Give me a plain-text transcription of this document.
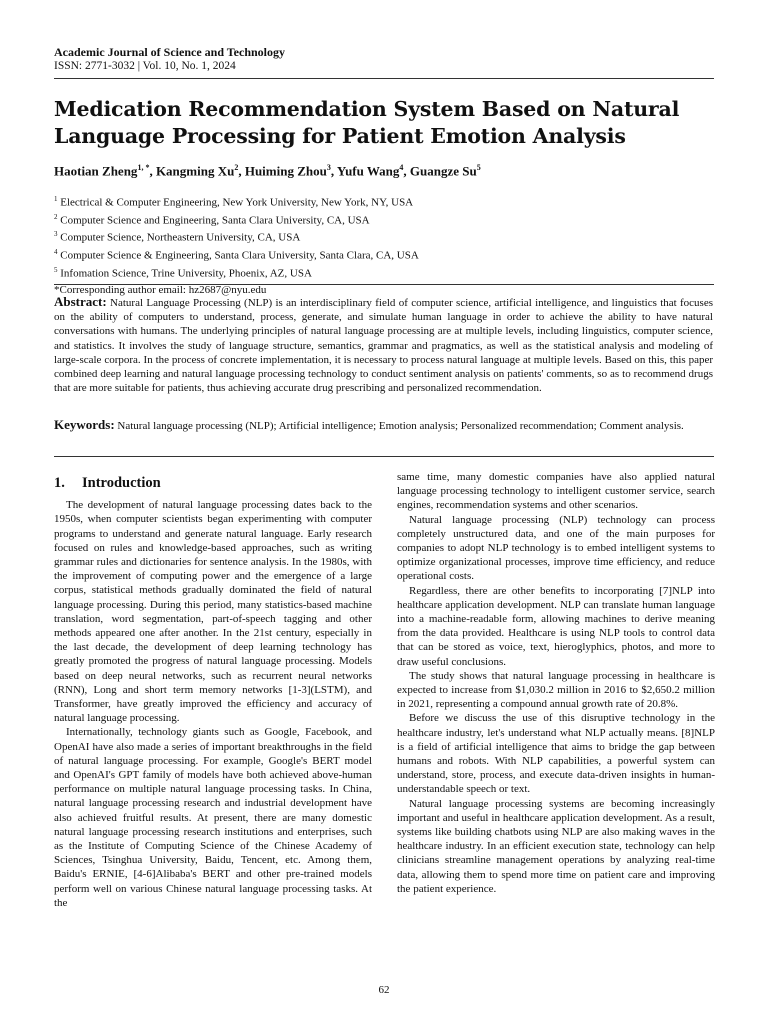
Academic Journal of Science and Technology
ISSN: 2771-3032 | Vol. 10, No. 1, 2024
Medication Recommendation System Based on Natural Language Processing for Patient Emotion Analysis
Haotian Zheng$^{1, *}$, Kangming Xu$^2$, Huiming Zhou$^3$, Yufu Wang$^4$, Guangze Su$^5$
$^1$ Electrical & Computer Engineering, New York University, New York, NY, USA
$^2$ Computer Science and Engineering, Santa Clara University, CA, USA
$^3$ Computer Science, Northeastern University, CA, USA
$^4$ Computer Science & Engineering, Santa Clara University, Santa Clara, CA, USA
$^5$ Infomation Science, Trine University, Phoenix, AZ, USA
*Corresponding author email: hz2687@nyu.edu
Abstract: Natural Language Processing (NLP) is an interdisciplinary field of computer science, artificial intelligence, and linguistics that focuses on the ability of computers to understand, process, generate, and simulate human language in order to achieve the ability to have natural conversations with humans. The underlying principles of natural language processing are at multiple levels, including linguistics, computer science, and statistics. It involves the study of language structure, semantics, grammar and pragmatics, as well as the statistical analysis and modeling of large-scale corpora. In the process of concrete implementation, it is necessary to process natural language at multiple levels. Based on this, this paper combined deep learning and natural language processing technology to conduct sentiment analysis on patients' comments, so as to recommend drugs that are more suitable for patients, thus achieving accurate drug prescribing and personalized recommendation.
Keywords: Natural language processing (NLP); Artificial intelligence; Emotion analysis; Personalized recommendation; Comment analysis.
1. Introduction

The development of natural language processing dates back to the 1950s, when computer scientists began experimenting with computer programs to understand and generate natural language. Early research focused on rules and knowledge-based approaches, such as writing grammar rules and dictionaries for sentence analysis. In the 1980s, with the improvement of computing power and the emergence of a large corpus, statistical methods gradually dominated the field of natural language processing. During this period, many statistics-based machine translation, word segmentation, part-of-speech tagging and other methods appeared one after another. In the 21st century, especially in the last decade, the development of deep learning technology has greatly promoted the progress of natural language processing. Models based on deep neural networks, such as recurrent neural networks (RNN), Long and short term memory networks [1-3](LSTM), and Transformer, have greatly improved the efficiency and accuracy of natural language processing.

Internationally, technology giants such as Google, Facebook, and OpenAI have also made a series of important breakthroughs in the field of natural language processing. For example, Google's BERT model and OpenAI's GPT family of models have both achieved above-human performance on multiple natural language processing tasks. In China, natural language processing research and industrial development have also achieved fruitful results. At present, there are many domestic natural language processing research institutions and enterprises, such as the Institute of Computing Science of the Chinese Academy of Sciences, Tsinghua University, Baidu, Tencent, etc. Among them, Baidu's ERNIE, [4-6]Alibaba's BERT and other pre-trained models perform well on various Chinese natural language processing tasks. At the

same time, many domestic companies have also applied natural language processing technology to intelligent customer service, search engines, recommendation systems and other scenarios.

Natural language processing (NLP) technology can process completely unstructured data, and one of the main purposes for companies to adopt NLP technology is to embed intelligent systems to optimize organizational processes, improve time efficiency, and reduce operational costs.

Regardless, there are other benefits to incorporating [7]NLP into healthcare application development. NLP can translate human language into a machine-readable form, allowing machines to derive meaning from the data provided. Healthcare is using NLP tools to control data that can be stored as voice, text, hieroglyphics, photos, and more to draw useful conclusions.

The study shows that natural language processing in healthcare is expected to increase from $1,030.2 million in 2016 to $2,650.2 million in 2021, representing a compound annual growth rate of 20.8%.

Before we discuss the use of this disruptive technology in the healthcare industry, let's understand what NLP actually means. [8]NLP is a field of artificial intelligence that aims to bridge the gap between humans and robots. With NLP capabilities, a powerful system can understand, store, process, and execute data-driven insights in human-understandable speech or text.

Natural language processing systems are becoming increasingly important and useful in healthcare application development. As a result, systems like building chatbots using NLP are also making waves in the healthcare industry. In an efficient execution state, technology can help clinicians streamline management operations by analyzing real-time data, allowing them to spend more time on patient care and improving the patient experience.

62
